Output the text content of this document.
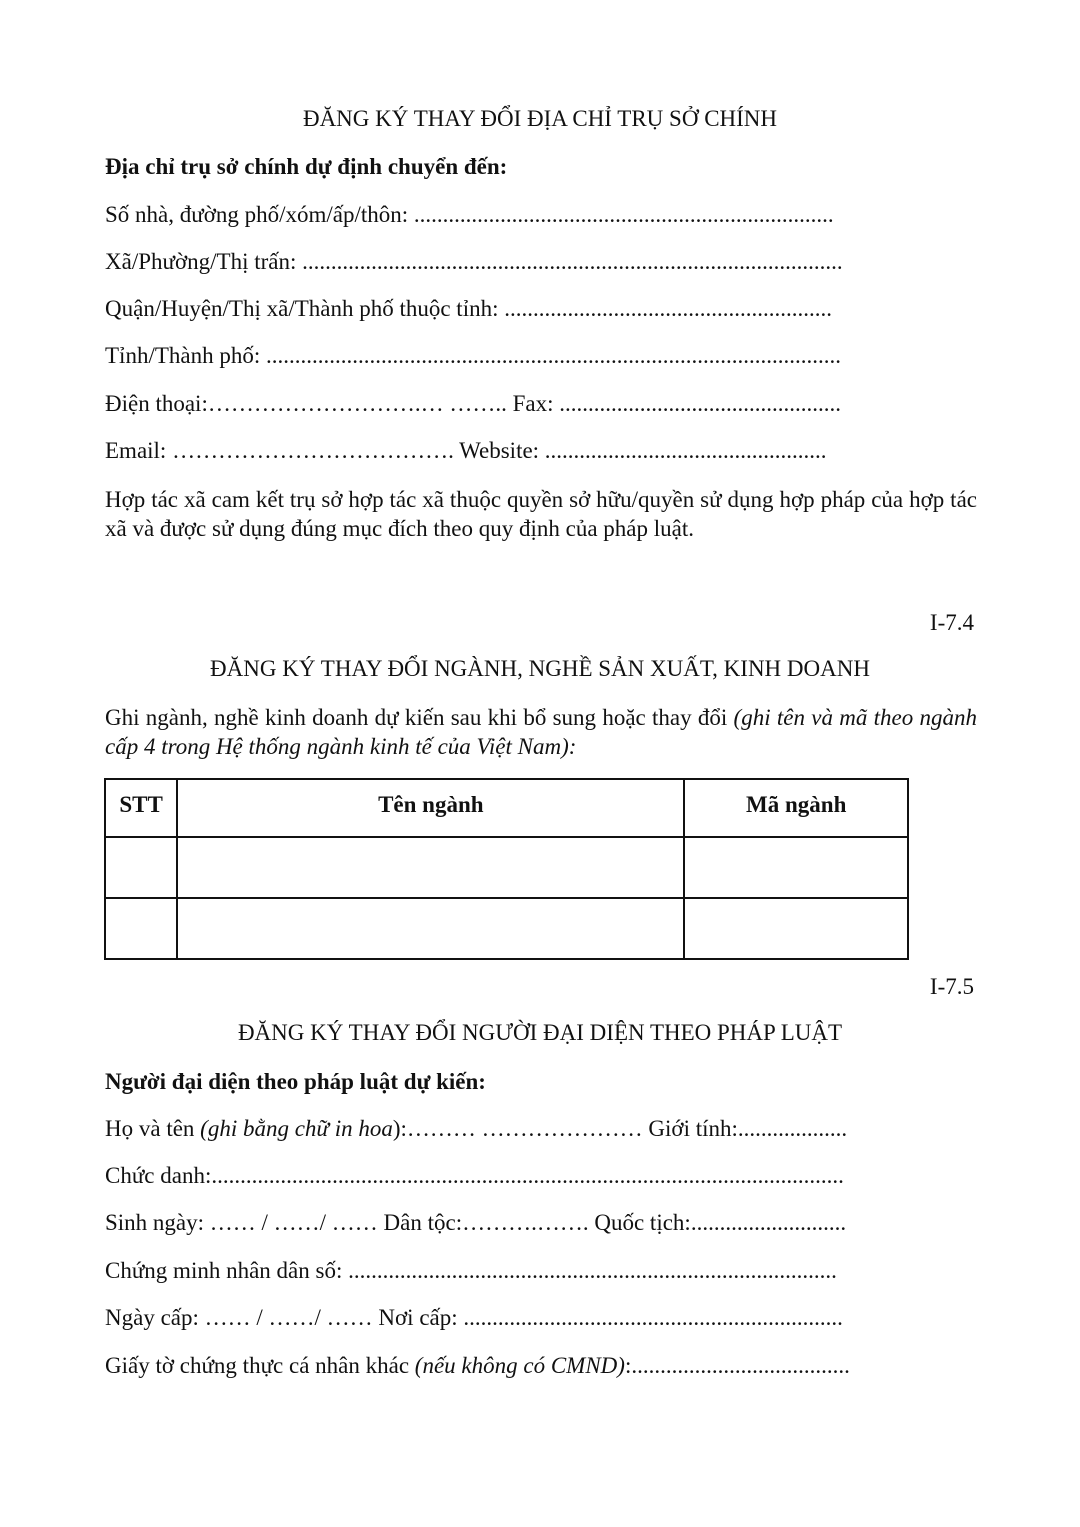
ĐĂNG KÝ THAY ĐỔI ĐỊA CHỈ TRỤ SỞ CHÍNH
Địa chỉ trụ sở chính dự định chuyển đến:
Số nhà, đường phố/xóm/ấp/thôn: .........................................................................
Xã/Phường/Thị trấn: ..............................................................................................
Quận/Huyện/Thị xã/Thành phố thuộc tỉnh: .........................................................
Tỉnh/Thành phố: ....................................................................................................
Điện thoại:……………………….… …….. Fax: .................................................
Email: ………………………………. Website: .................................................
Hợp tác xã cam kết trụ sở hợp tác xã thuộc quyền sở hữu/quyền sử dụng hợp pháp của hợp tác xã và được sử dụng đúng mục đích theo quy định của pháp luật.
I-7.4
ĐĂNG KÝ THAY ĐỔI NGÀNH, NGHỀ SẢN XUẤT, KINH DOANH
Ghi ngành, nghề kinh doanh dự kiến sau khi bổ sung hoặc thay đổi (ghi tên và mã theo ngành cấp 4 trong Hệ thống ngành kinh tế của Việt Nam):
STT	Tên ngành	Mã ngành

I-7.5
ĐĂNG KÝ THAY ĐỔI NGƯỜI ĐẠI DIỆN THEO PHÁP LUẬT
Người đại diện theo pháp luật dự kiến:
Họ và tên (ghi bằng chữ in hoa):……… ………………… Giới tính:...................
Chức danh:..............................................................................................................
Sinh ngày: …… / ……/ …… Dân tộc:……….……. Quốc tịch:...........................
Chứng minh nhân dân số: .....................................................................................
Ngày cấp: …… / ……/ …… Nơi cấp: ..................................................................
Giấy tờ chứng thực cá nhân khác (nếu không có CMND):......................................
